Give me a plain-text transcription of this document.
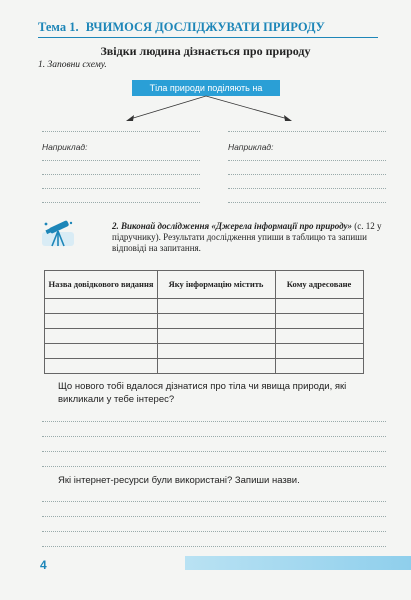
Тема 1. ВЧИМОСЯ ДОСЛІДЖУВАТИ ПРИРОДУ
Звідки людина дізнається про природу
1. Заповни схему.
Тіла природи поділяють на
Наприклад:	Наприклад:
2. Виконай дослідження «Джерела інформації про природу» (с. 12 у підручнику). Результати дослідження упиши в таблицю та запиши відповіді на запитання.
Назва довідкового видання	Яку інформацію містить	Кому адресоване
Що нового тобі вдалося дізнатися про тіла чи явища природи, які викликали у тебе інтерес?
Які інтернет-ресурси були використані? Запиши назви.
4
